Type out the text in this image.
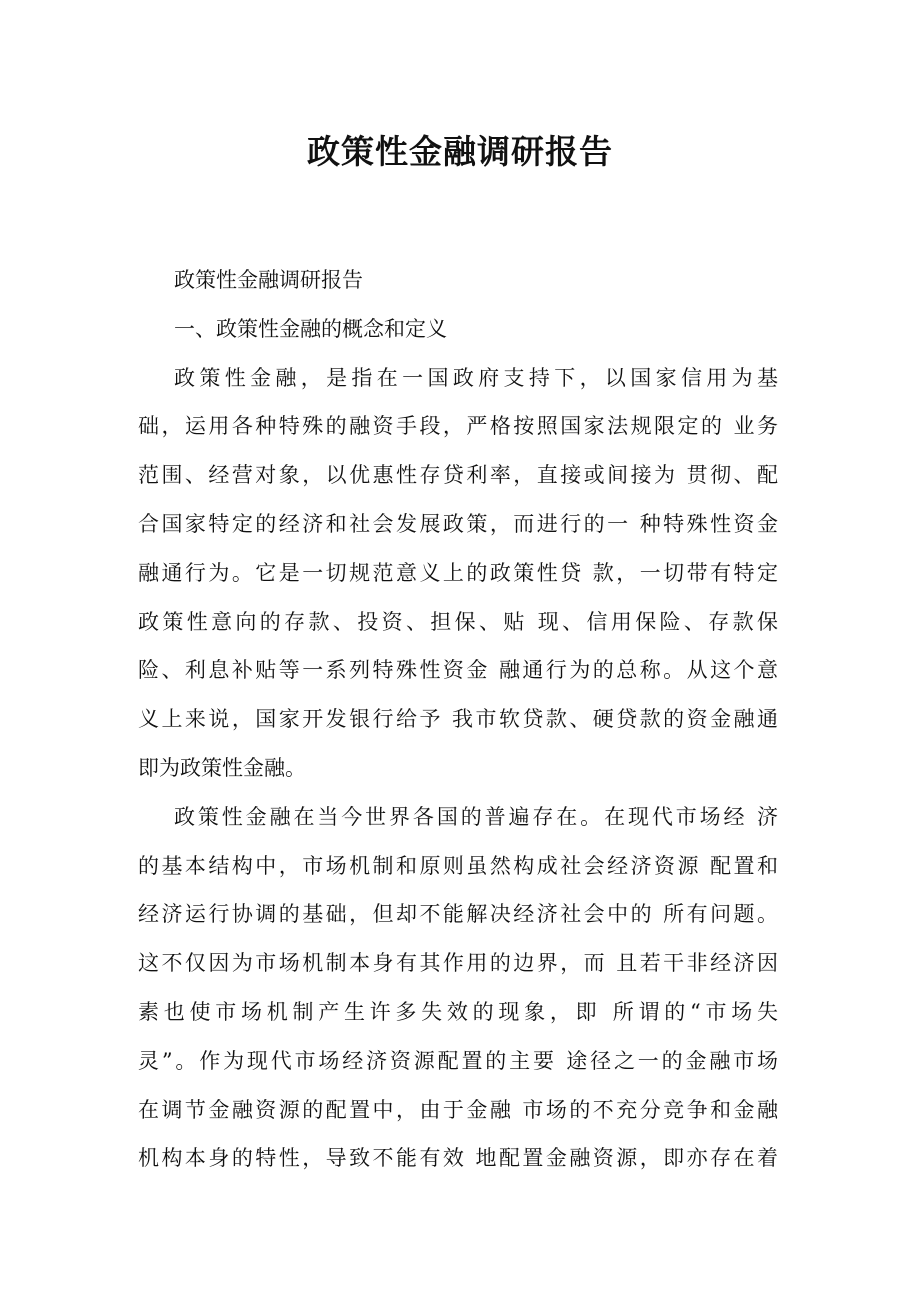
政策性金融调研报告
政策性金融调研报告
一、政策性金融的概念和定义
政策性金融，是指在一国政府支持下，以国家信用为基
础，运用各种特殊的融资手段，严格按照国家法规限定的 业务
范围、经营对象，以优惠性存贷利率，直接或间接为 贯彻、配
合国家特定的经济和社会发展政策，而进行的一 种特殊性资金
融通行为。它是一切规范意义上的政策性贷 款，一切带有特定
政策性意向的存款、投资、担保、贴 现、信用保险、存款保
险、利息补贴等一系列特殊性资金 融通行为的总称。从这个意
义上来说，国家开发银行给予 我市软贷款、硬贷款的资金融通
即为政策性金融。
政策性金融在当今世界各国的普遍存在。在现代市场经 济
的基本结构中，市场机制和原则虽然构成社会经济资源 配置和
经济运行协调的基础，但却不能解决经济社会中的 所有问题。
这不仅因为市场机制本身有其作用的边界，而 且若干非经济因
素也使市场机制产生许多失效的现象，即 所谓的“市场失
灵”。作为现代市场经济资源配置的主要 途径之一的金融市场
在调节金融资源的配置中，由于金融 市场的不充分竞争和金融
机构本身的特性，导致不能有效 地配置金融资源，即亦存在着
